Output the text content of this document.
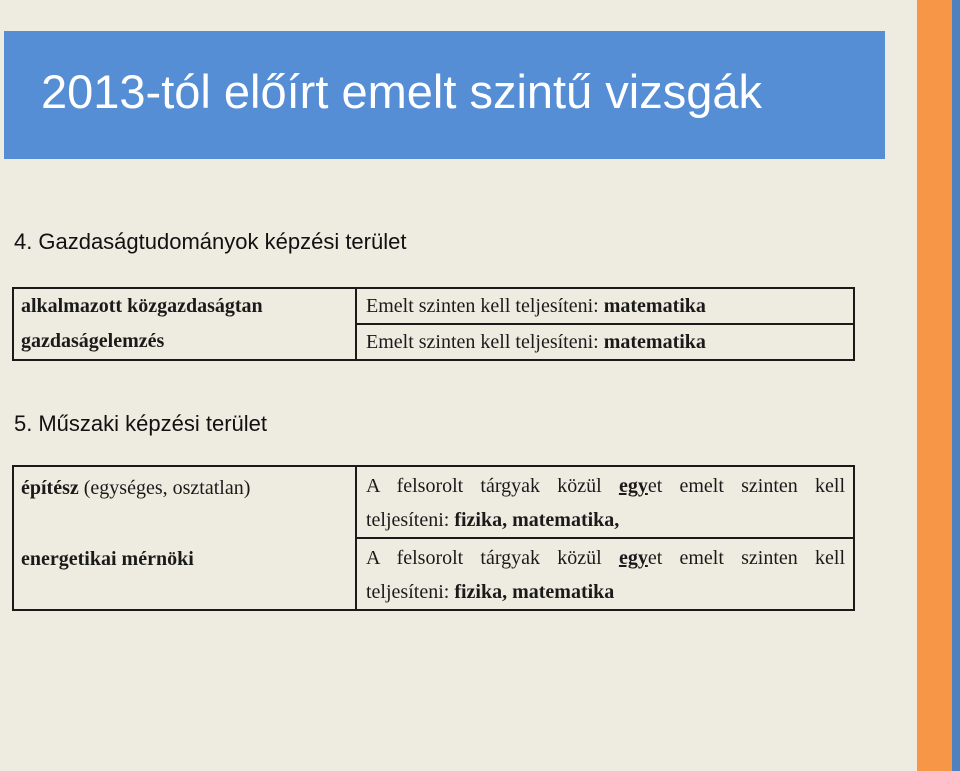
2013-tól előírt emelt szintű vizsgák
4. Gazdaságtudományok képzési terület
alkalmazott közgazdaságtan	Emelt szinten kell teljesíteni: matematika

gazdaságelemzés	Emelt szinten kell teljesíteni: matematika
5. Műszaki képzési terület
építész (egységes, osztatlan)	A felsorolt tárgyak közül egyet emelt szinten kell teljesíteni: fizika, matematika,
energetikai mérnöki	A felsorolt tárgyak közül egyet emelt szinten kell teljesíteni: fizika, matematika
